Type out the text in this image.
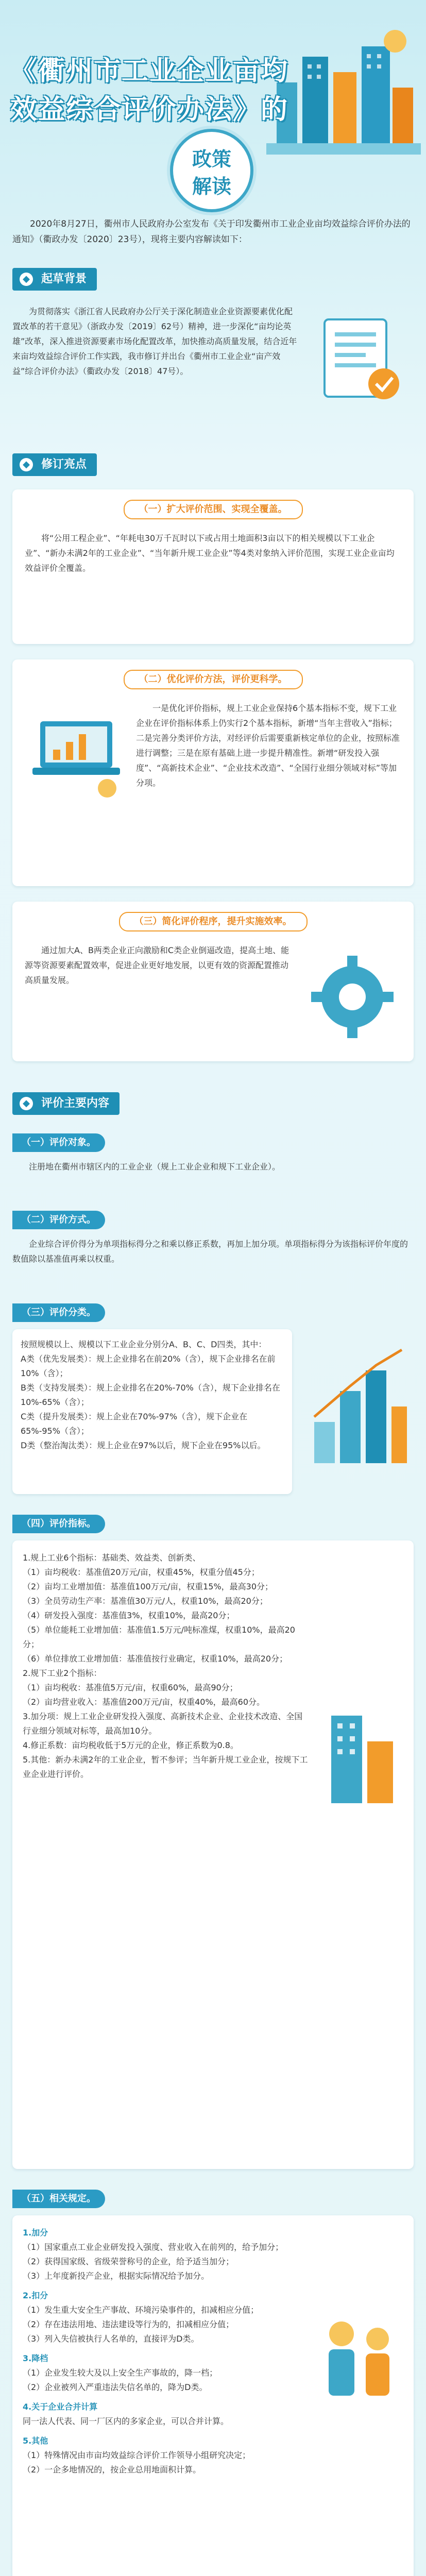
《衢州市工业企业亩均
效益综合评价办法》的
政策
解读
2020年8月27日，衢州市人民政府办公室发布《关于印发衢州市工业企业亩均效益综合评价办法的通知》（衢政办发〔2020〕23号），现将主要内容解读如下：
◆ 起草背景

为贯彻落实《浙江省人民政府办公厅关于深化制造业企业资源要素优化配置改革的若干意见》（浙政办发〔2019〕62号）精神，进一步深化“亩均论英雄”改革，深入推进资源要素市场化配置改革，加快推动高质量发展，结合近年来亩均效益综合评价工作实践，我市修订并出台《衢州市工业企业“亩产效益”综合评价办法》（衢政办发〔2018〕47号）。

◆ 修订亮点
（一）扩大评价范围、实现全覆盖。

将“公用工程企业”、“年耗电30万千瓦时以下或占用土地面积3亩以下的相关规模以下工业企业”、“新办未满2年的工业企业”、“当年新升规工业企业”等4类对象纳入评价范围，实现工业企业亩均效益评价全覆盖。

（二）优化评价方法，评价更科学。

一是优化评价指标，规上工业企业保持6个基本指标不变，规下工业企业在评价指标体系上仍实行2个基本指标，新增“当年主营收入”指标；二是完善分类评价方法，对经评价后需要重新核定单位的企业，按照标准进行调整；三是在原有基础上进一步提升精准性。新增“研发投入强度”、“高新技术企业”、“企业技术改造”、“全国行业细分领域对标”等加分项。

（三）简化评价程序，提升实施效率。

通过加大A、B两类企业正向激励和C类企业倒逼改造，提高土地、能源等资源要素配置效率，促进企业更好地发展，以更有效的资源配置推动高质量发展。

◆ 评价主要内容
（一）评价对象。

注册地在衢州市辖区内的工业企业（规上工业企业和规下工业企业）。

（二）评价方式。

企业综合评价得分为单项指标得分之和乘以修正系数，再加上加分项。单项指标得分为该指标评价年度的数值除以基准值再乘以权重。

（三）评价分类。
按照规模以上、规模以下工业企业分别分A、B、C、D四类，其中：
A类（优先发展类）：规上企业排名在前20%（含），规下企业排名在前10%（含）；
B类（支持发展类）：规上企业排名在20%-70%（含），规下企业排名在10%-65%（含）；
C类（提升发展类）：规上企业在70%-97%（含），规下企业在65%-95%（含）；
D类（整治淘汰类）：规上企业在97%以后，规下企业在95%以后。
（四）评价指标。
1.规上工业6个指标：基础类、效益类、创新类、
（1）亩均税收：基准值20万元/亩，权重45%，权重分值45分；
（2）亩均工业增加值：基准值100万元/亩，权重15%，最高30分；
（3）全员劳动生产率：基准值30万元/人，权重10%，最高20分；
（4）研发投入强度：基准值3%，权重10%，最高20分；
（5）单位能耗工业增加值：基准值1.5万元/吨标准煤，权重10%，最高20分；
（6）单位排放工业增加值：基准值按行业确定，权重10%，最高20分；
2.规下工业2个指标：
（1）亩均税收：基准值5万元/亩，权重60%，最高90分；
（2）亩均营业收入：基准值200万元/亩，权重40%，最高60分。
3.加分项：规上工业企业研发投入强度、高新技术企业、企业技术改造、全国行业细分领域对标等，最高加10分。
4.修正系数：亩均税收低于5万元的企业，修正系数为0.8。
5.其他：新办未满2年的工业企业，暂不参评；当年新升规工业企业，按规下工业企业进行评价。
（五）相关规定。
1.加分
（1）国家重点工业企业研发投入强度、营业收入在前列的，给予加分；
（2）获得国家级、省级荣誉称号的企业，给予适当加分；
（3）上年度新投产企业，根据实际情况给予加分。
2.扣分
（1）发生重大安全生产事故、环境污染事件的，扣减相应分值；
（2）存在违法用地、违法建设等行为的，扣减相应分值；
（3）列入失信被执行人名单的，直接评为D类。
3.降档
（1）企业发生较大及以上安全生产事故的，降一档；
（2）企业被列入严重违法失信名单的，降为D类。
4.关于企业合并计算
同一法人代表、同一厂区内的多家企业，可以合并计算。
5.其他
（1）特殊情况由市亩均效益综合评价工作领导小组研究决定；
（2）一企多地情况的，按企业总用地面积计算。
